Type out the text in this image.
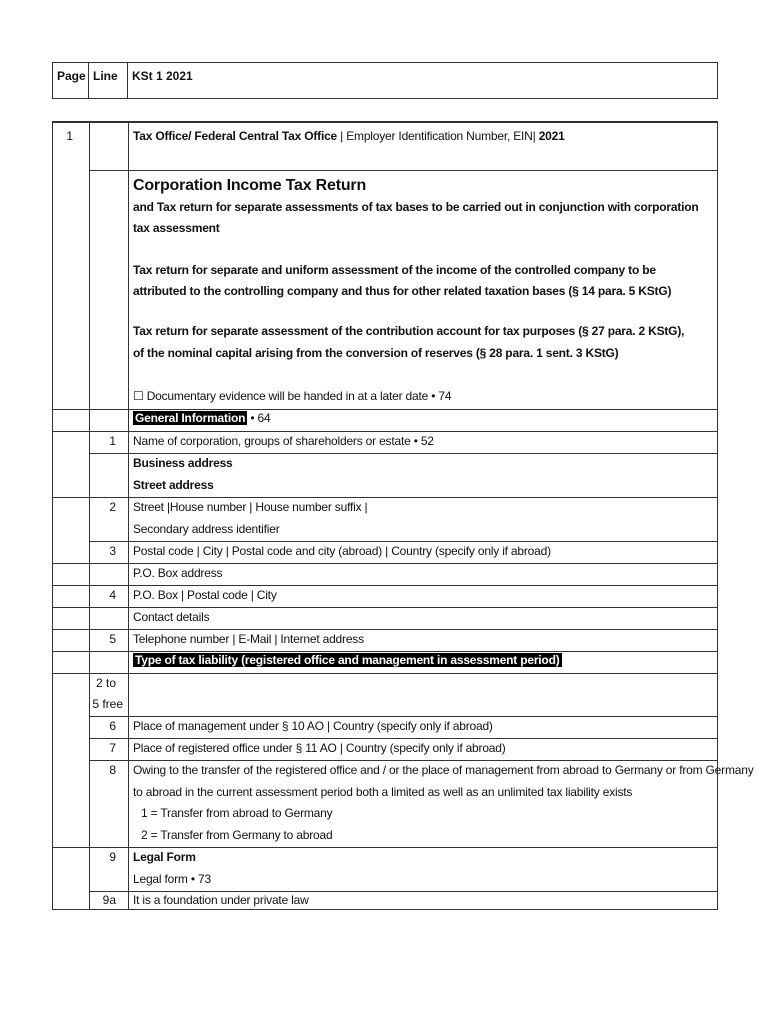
Page Line	KSt 1 2021
1	Tax Office/ Federal Central Tax Office | Employer Identification Number, EIN| 2021
Corporation Income Tax Return
and Tax return for separate assessments of tax bases to be carried out in conjunction with corporation tax assessment
Tax return for separate and uniform assessment of the income of the controlled company to be attributed to the controlling company and thus for other related taxation bases (§ 14 para. 5 KStG)
Tax return for separate assessment of the contribution account for tax purposes (§ 27 para. 2 KStG),
of the nominal capital arising from the conversion of reserves (§ 28 para. 1 sent. 3 KStG)
☐ Documentary evidence will be handed in at a later date • 74
General Information • 64
1 Name of corporation, groups of shareholders or estate • 52
Business address
Street address
2 Street |House number | House number suffix |
Secondary address identifier
3 Postal code | City | Postal code and city (abroad) | Country (specify only if abroad)
P.O. Box address
4 P.O. Box | Postal code | City
Contact details
5 Telephone number | E-Mail | Internet address
Type of tax liability (registered office and management in assessment period)
2 to
5 free
6 Place of management under § 10 AO | Country (specify only if abroad)
7 Place of registered office under § 11 AO | Country (specify only if abroad)
8 Owing to the transfer of the registered office and / or the place of management from abroad to Germany or from Germany
to abroad in the current assessment period both a limited as well as an unlimited tax liability exists
1 = Transfer from abroad to Germany
2 = Transfer from Germany to abroad
9 Legal Form
Legal form • 73
9a It is a foundation under private law
